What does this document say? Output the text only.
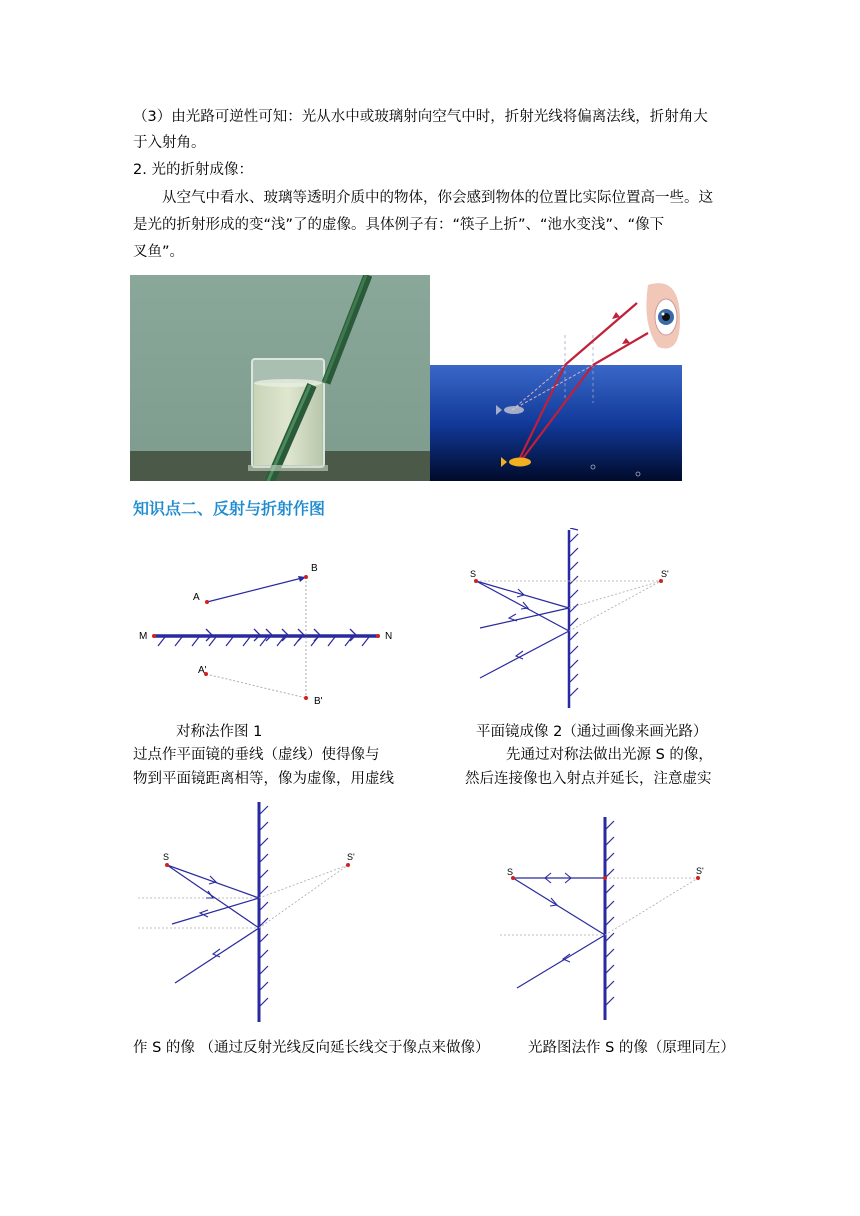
（3）由光路可逆性可知：光从水中或玻璃射向空气中时，折射光线将偏离法线，折射角大
于入射角。
2. 光的折射成像：
从空气中看水、玻璃等透明介质中的物体，你会感到物体的位置比实际位置高一些。这
是光的折射形成的变“浅”了的虚像。具体例子有：“筷子上折”、“池水变浅”、“像下
叉鱼”。
知识点二、反射与折射作图
A
B
M	N
A'
B'
S	S'
对称法作图 1
过点作平面镜的垂线（虚线）使得像与
物到平面镜距离相等，像为虚像，用虚线
平面镜成像 2（通过画像来画光路）
先通过对称法做出光源 S 的像，
然后连接像也入射点并延长，注意虚实
S	S'
S	S'
作 S 的像 （通过反射光线反向延长线交于像点来做像）	光路图法作 S 的像（原理同左）
